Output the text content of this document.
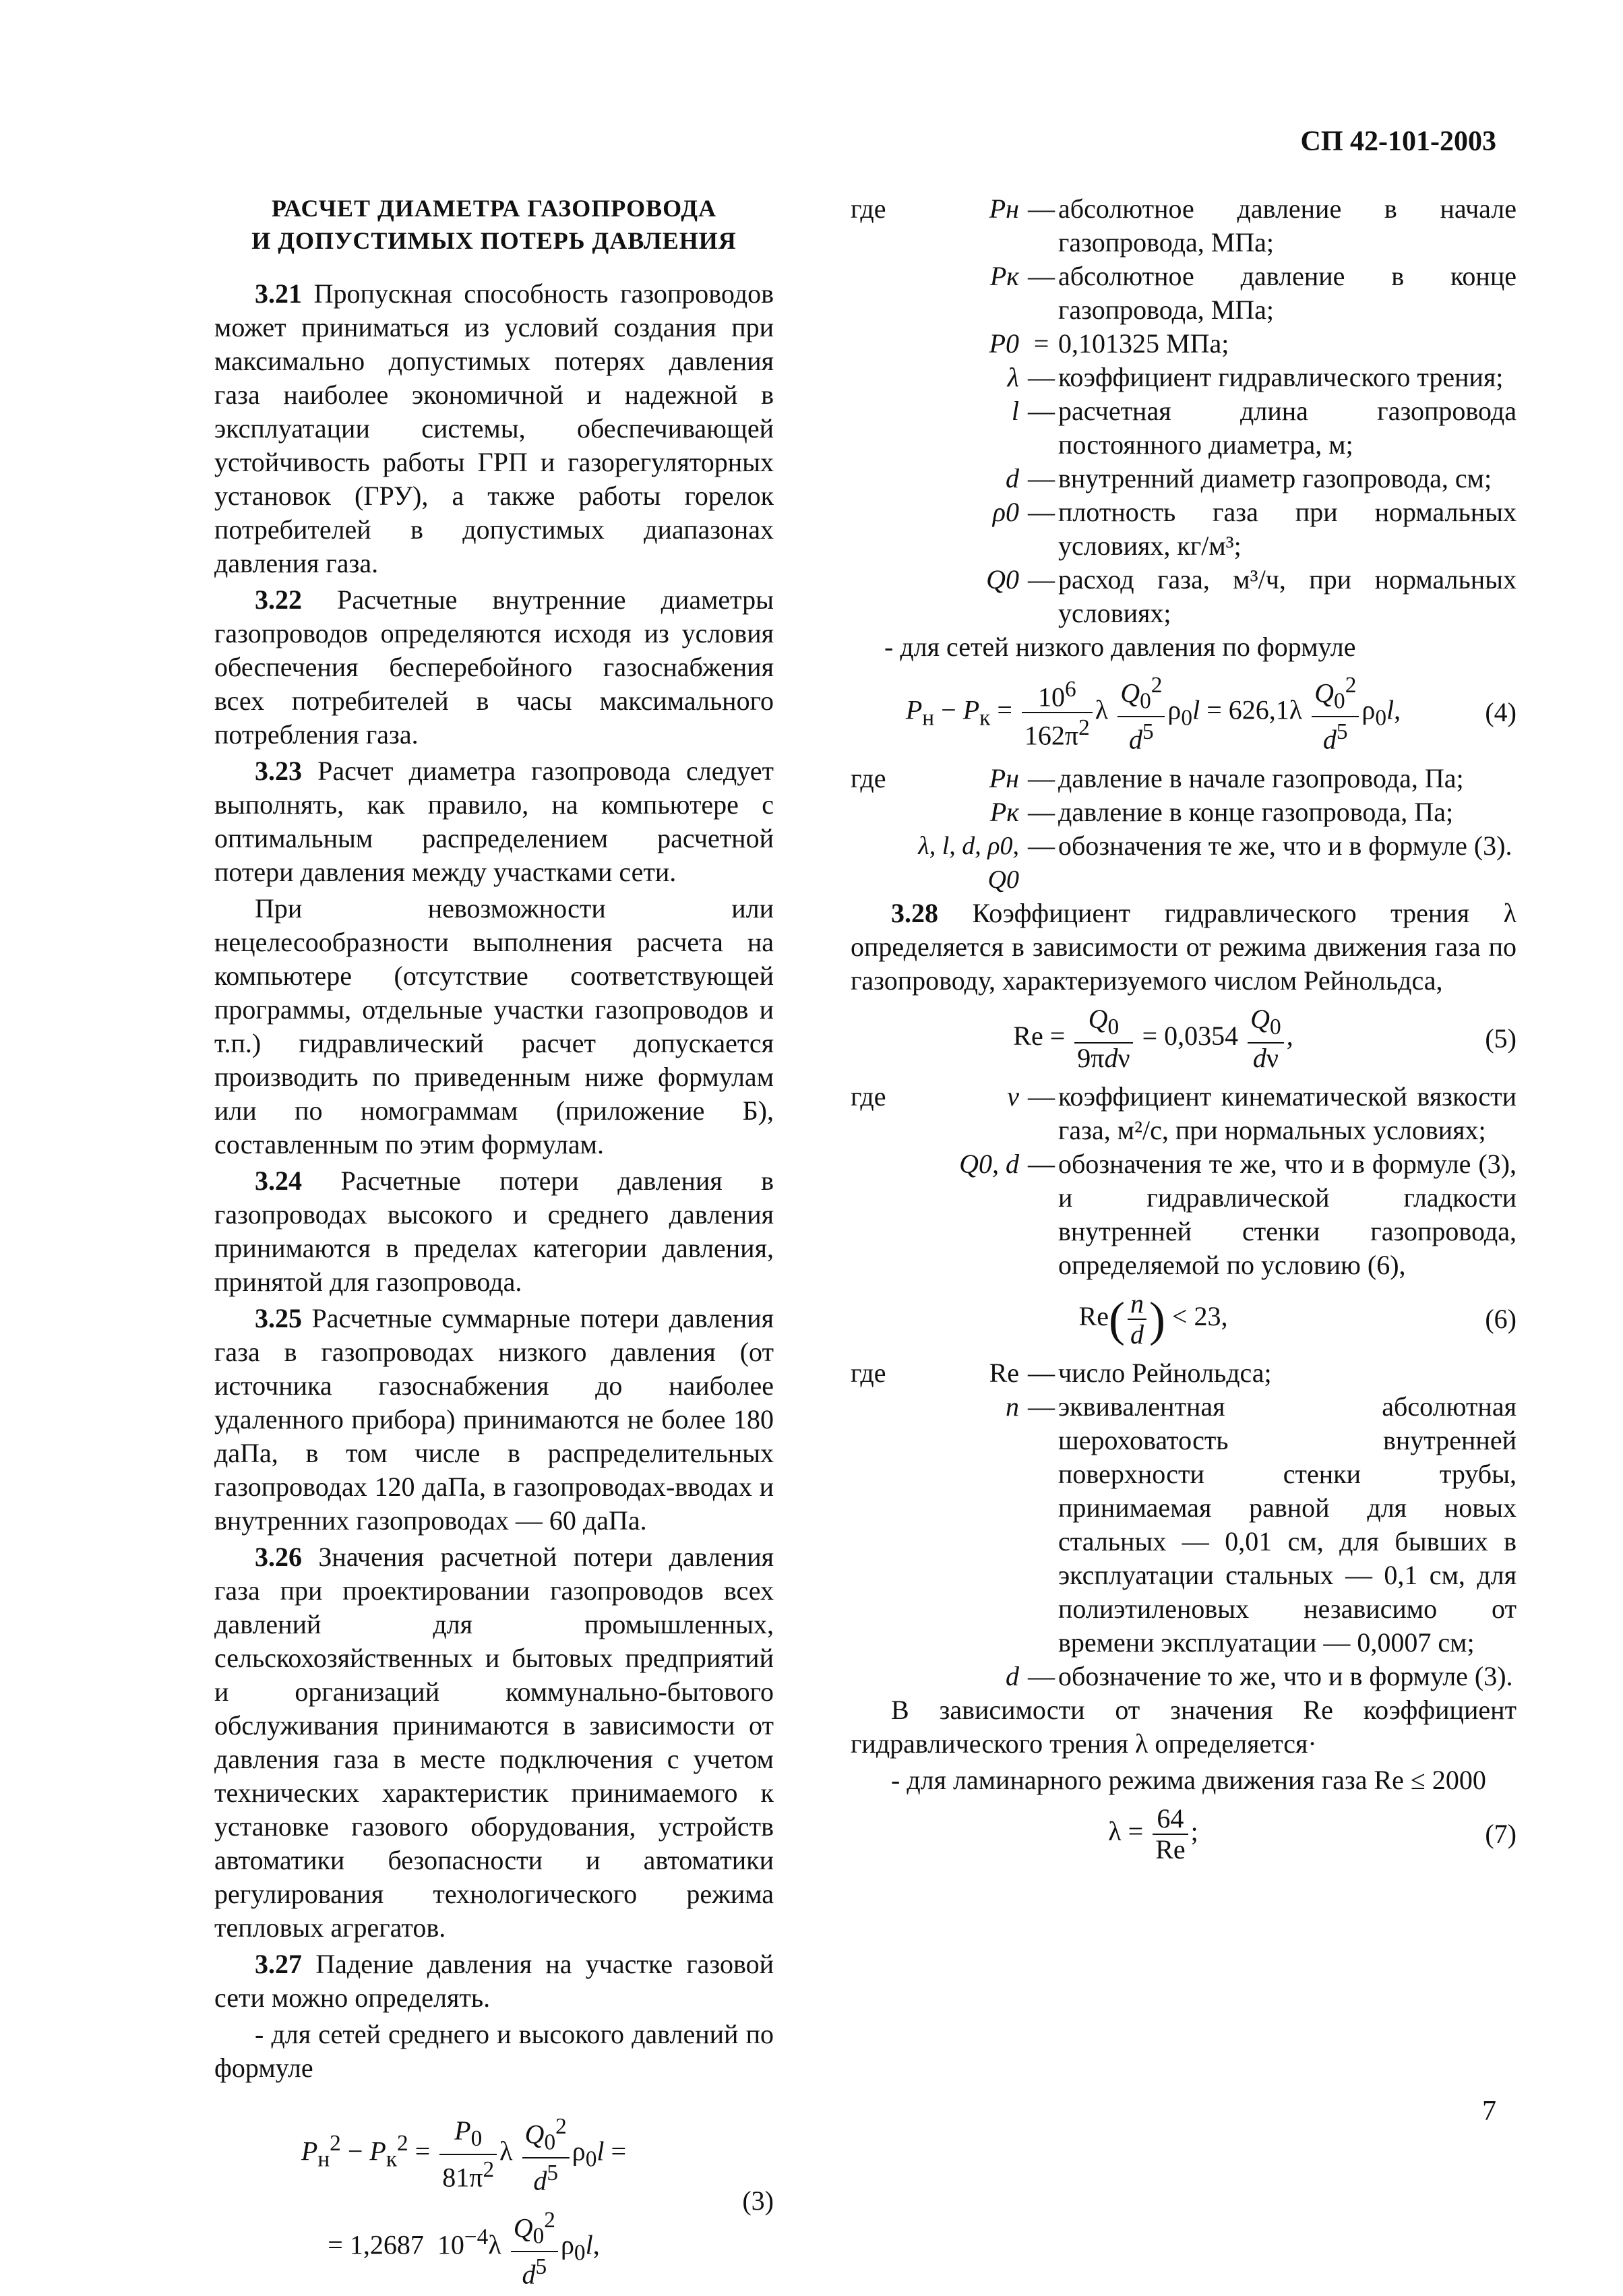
СП 42-101-2003
РАСЧЕТ ДИАМЕТРА ГАЗОПРОВОДА
И ДОПУСТИМЫХ ПОТЕРЬ ДАВЛЕНИЯ

3.21 Пропускная способность газопроводов может приниматься из условий создания при максимально допустимых потерях давления газа наиболее экономичной и надежной в эксплуатации системы, обеспечивающей устойчивость работы ГРП и газорегуляторных установок (ГРУ), а также работы горелок потребителей в допустимых диапазонах давления газа.

3.22 Расчетные внутренние диаметры газопроводов определяются исходя из условия обеспечения бесперебойного газоснабжения всех потребителей в часы максимального потребления газа.

3.23 Расчет диаметра газопровода следует выполнять, как правило, на компьютере с оптимальным распределением расчетной потери давления между участками сети.

При невозможности или нецелесообразности выполнения расчета на компьютере (отсутствие соответствующей программы, отдельные участки газопроводов и т.п.) гидравлический расчет допускается производить по приведенным ниже формулам или по номограммам (приложение Б), составленным по этим формулам.

3.24 Расчетные потери давления в газопроводах высокого и среднего давления принимаются в пределах категории давления, принятой для газопровода.

3.25 Расчетные суммарные потери давления газа в газопроводах низкого давления (от источника газоснабжения до наиболее удаленного прибора) принимаются не более 180 даПа, в том числе в распределительных газопроводах 120 даПа, в газопроводах-вводах и внутренних газопроводах — 60 даПа.

3.26 Значения расчетной потери давления газа при проектировании газопроводов всех давлений для промышленных, сельскохозяйственных и бытовых предприятий и организаций коммунально-бытового обслуживания принимаются в зависимости от давления газа в месте подключения с учетом технических характеристик принимаемого к установке газового оборудования, устройств автоматики безопасности и автоматики регулирования технологического режима тепловых агрегатов.

3.27 Падение давления на участке газовой сети можно определять.

- для сетей среднего и высокого давлений по формуле

$P_н^2 - P_к^2 = \frac{P_0}{81\pi^2}$ λ $\frac{Q_0^2}{d^5} \rho_0l$ =
= 1,2687  $10^{-4}\lambda \frac{Q_0^2}{d^5} \rho_0l$,
(3)
где	Pн	—	абсолютное давление в начале газопровода, МПа;
	Pк	—	абсолютное давление в конце газопровода, МПа;
	P0	=	0,101325 МПа;
	λ	—	коэффициент гидравлического трения;
	l	—	расчетная длина газопровода постоянного диаметра, м;
	d	—	внутренний диаметр газопровода, см;
	ρ0	—	плотность газа при нормальных условиях, кг/м³;
	Q0	—	расход газа, м³/ч, при нормальных условиях;

- для сетей низкого давления по формуле

$P_н - P_к = \frac{10^6}{162\pi^2}$ λ $\frac{Q_0^2}{d^5} \rho_0l = 626,1\lambda \frac{Q_0^2}{d^5} \rho_0l$,	(4)
где	Pн	—	давление в начале газопровода, Па;
	Pк	—	давление в конце газопровода, Па;
	λ, l, d, ρ0, Q0	—	обозначения те же, что и в формуле (3).

3.28 Коэффициент гидравлического трения λ определяется в зависимости от режима движения газа по газопроводу, характеризуемого числом Рейнольдса,

$Re = \frac{Q_0}{\text{9πdν}} = 0,0354 \frac{Q_0}{d\nu}$ ,	(5)
где	ν	—	коэффициент кинематической вязкости газа, м²/с, при нормальных условиях;
	Q0, d	—	обозначения те же, что и в формуле (3), и гидравлической гладкости внутренней стенки газопровода, определяемой по условию (6),
$Re( \frac{n}{d}$ ) < 23,	(6)
где	Re	—	число Рейнольдса;
	n	—	эквивалентная абсолютная шероховатость внутренней поверхности стенки трубы, принимаемая равной для новых стальных — 0,01 см, для бывших в эксплуатации стальных — 0,1 см, для полиэтиленовых независимо от времени эксплуатации — 0,0007 см;
	d	—	обозначение то же, что и в формуле (3).

В зависимости от значения Re коэффициент гидравлического трения λ определяется·

- для ламинарного режима движения газа Re ≤ 2000

$\lambda = \frac{64}{Re}$ ;	(7)
7
